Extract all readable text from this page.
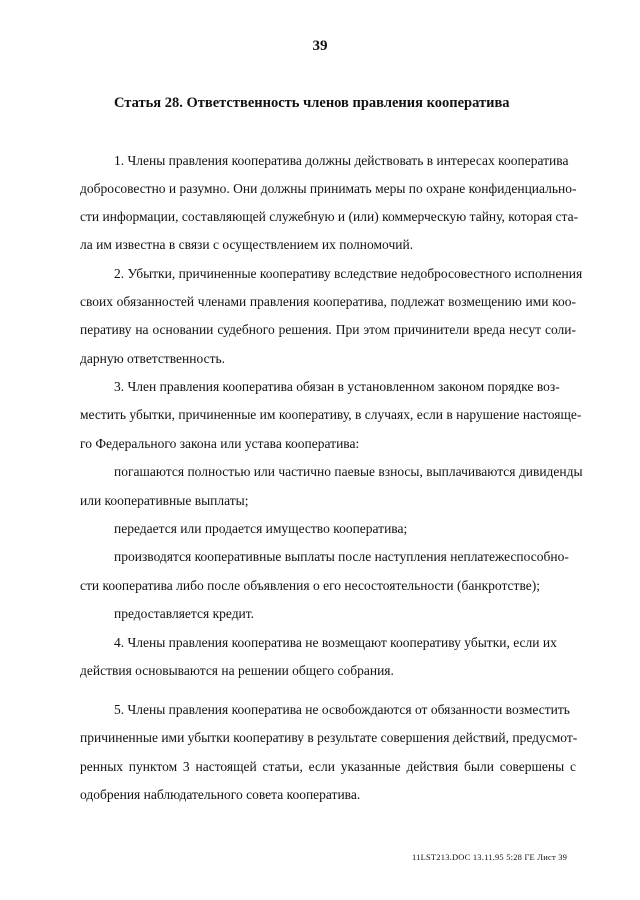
39
Статья 28. Ответственность членов правления кооператива
1. Члены правления кооператива должны действовать в интересах кооператива
добросовестно и разумно. Они должны принимать меры по охране конфиденциально-
сти информации, составляющей служебную и (или) коммерческую тайну, которая ста-
ла им известна в связи с осуществлением их полномочий.
2. Убытки, причиненные кооперативу вследствие недобросовестного исполнения
своих обязанностей членами правления кооператива, подлежат возмещению ими коо-
перативу на основании судебного решения. При этом причинители вреда несут соли-
дарную ответственность.
3. Член правления кооператива обязан в установленном законом порядке воз-
местить убытки, причиненные им кооперативу, в случаях, если в нарушение настояще-
го Федерального закона или устава кооператива:
погашаются полностью или частично паевые взносы, выплачиваются дивиденды
или кооперативные выплаты;
передается или продается имущество кооператива;
производятся кооперативные выплаты после наступления неплатежеспособно-
сти кооператива либо после объявления о его несостоятельности (банкротстве);
предоставляется кредит.
4. Члены правления кооператива не возмещают кооперативу убытки, если их
действия основываются на решении общего собрания.
5. Члены правления кооператива не освобождаются от обязанности возместить
причиненные ими убытки кооперативу в результате совершения действий, предусмот-
ренных пунктом 3 настоящей статьи, если указанные действия были совершены с
одобрения наблюдательного совета кооператива.
11LST213.DOC 13.11.95 5:28 ГЕ Лист 39
